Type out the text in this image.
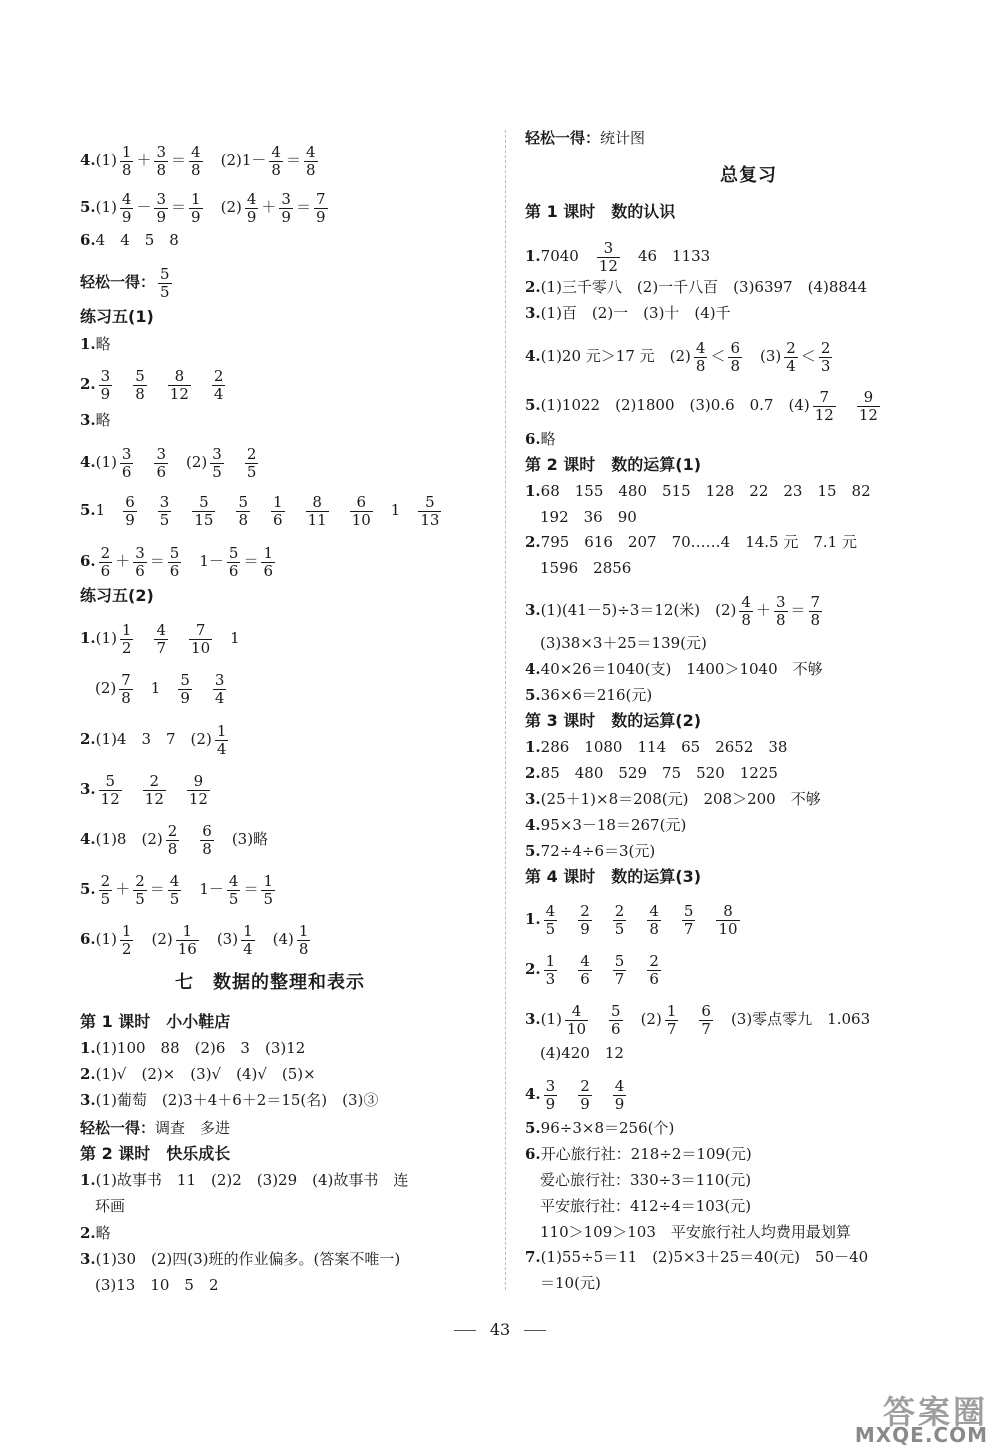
$4.(1) \frac{1}{8} + \frac{3}{8} = \frac{4}{8}$ 　$(2)1- \frac{4}{8} = \frac{4}{8}$
$5.(1) \frac{4}{9} - \frac{3}{9} = \frac{1}{9}$ 　$(2) \frac{4}{9} + \frac{3}{9} = \frac{7}{9}$
6.4　4　5　8
轻松一得： $\frac{5}{5}$
练习五(1)
1.略
2. $\frac{3}{9}$
　 $\frac{5}{8}$
　 $\frac{8}{12}$
　 $\frac{2}{4}$
3.略
$4.(1) \frac{3}{6}$
　 $\frac{3}{6}$ 　$(2) \frac{3}{5}$
　 $\frac{2}{5}$
5.1　 $\frac{6}{9}$
　 $\frac{3}{5}$
　 $\frac{5}{15}$
　 $\frac{5}{8}$
　 $\frac{1}{6}$
　 $\frac{8}{11}$
　 $\frac{6}{10}$ 　1　 $\frac{5}{13}$
6. $\frac{2}{6} + \frac{3}{6} = \frac{5}{6}$ 　$1- \frac{5}{6} = \frac{1}{6}$
练习五(2)
$1.(1) \frac{1}{2}$
　 $\frac{4}{7}$
　 $\frac{7}{10}$ 　1
　$(2) \frac{7}{8}$ 　1　 $\frac{5}{9}$
　 $\frac{3}{4}$
2.(1)4　3　7　$(2) \frac{1}{4}$
3. $\frac{5}{12}$
　 $\frac{2}{12}$
　 $\frac{9}{12}$
4.(1)8　$(2) \frac{2}{8}$
　 $\frac{6}{8}$ 　(3)略
5. $\frac{2}{5} + \frac{2}{5} = \frac{4}{5}$ 　$1- \frac{4}{5} = \frac{1}{5}$
$6.(1) \frac{1}{2}$ 　$(2) \frac{1}{16}$ 　$(3) \frac{1}{4}$ 　$(4) \frac{1}{8}$
七　数据的整理和表示
第 1 课时　小小鞋店
1.(1)100　88　(2)6　3　(3)12
2.(1)√　(2)×　(3)√　(4)√　(5)×
3.(1)葡萄　(2)3＋4＋6＋2＝15(名)　(3)③
轻松一得：调查　多进
第 2 课时　快乐成长
1.(1)故事书　11　(2)2　(3)29　(4)故事书　连
　环画
2.略
3.(1)30　(2)四(3)班的作业偏多。(答案不唯一)
　(3)13　10　5　2
轻松一得：统计图
总复习
第 1 课时　数的认识
1.7040　 $\frac{3}{12}$ 　46　1133
2.(1)三千零八　(2)一千八百　(3)6397　(4)8844
3.(1)百　(2)一　(3)十　(4)千
4.(1)20 元＞17 元　$(2) \frac{4}{8} < \frac{6}{8}$ 　$(3) \frac{2}{4} < \frac{2}{3}$
5.(1)1022　(2)1800　(3)0.6　0.7　$(4) \frac{7}{12}$
　 $\frac{9}{12}$
6.略
第 2 课时　数的运算(1)
1.68　155　480　515　128　22　23　15　82
　192　36　90
2.795　616　207　70……4　14.5 元　7.1 元
　1596　2856
3.(1)(41－5)÷3＝12(米)　$(2) \frac{4}{8} + \frac{3}{8} = \frac{7}{8}$
　(3)38×3＋25＝139(元)
4.40×26＝1040(支)　1400＞1040　不够
5.36×6＝216(元)
第 3 课时　数的运算(2)
1.286　1080　114　65　2652　38
2.85　480　529　75　520　1225
3.(25＋1)×8＝208(元)　208＞200　不够
4.95×3－18＝267(元)
5.72÷4÷6＝3(元)
第 4 课时　数的运算(3)
1. $\frac{4}{5}$
　 $\frac{2}{9}$
　 $\frac{2}{5}$
　 $\frac{4}{8}$
　 $\frac{5}{7}$
　 $\frac{8}{10}$
2. $\frac{1}{3}$
　 $\frac{4}{6}$
　 $\frac{5}{7}$
　 $\frac{2}{6}$
$3.(1) \frac{4}{10}$
　 $\frac{5}{6}$ 　$(2) \frac{1}{7}$
　 $\frac{6}{7}$ 　(3)零点零九　1.063
　(4)420　12
4. $\frac{3}{9}$
　 $\frac{2}{9}$
　 $\frac{4}{9}$
5.96÷3×8＝256(个)
6.开心旅行社：218÷2＝109(元)
　爱心旅行社：330÷3＝110(元)
　平安旅行社：412÷4＝103(元)
　110＞109＞103　平安旅行社人均费用最划算
7.(1)55÷5＝11　(2)5×3＋25＝40(元)　50－40
　＝10(元)
43
答案圈
MXQE.COM
